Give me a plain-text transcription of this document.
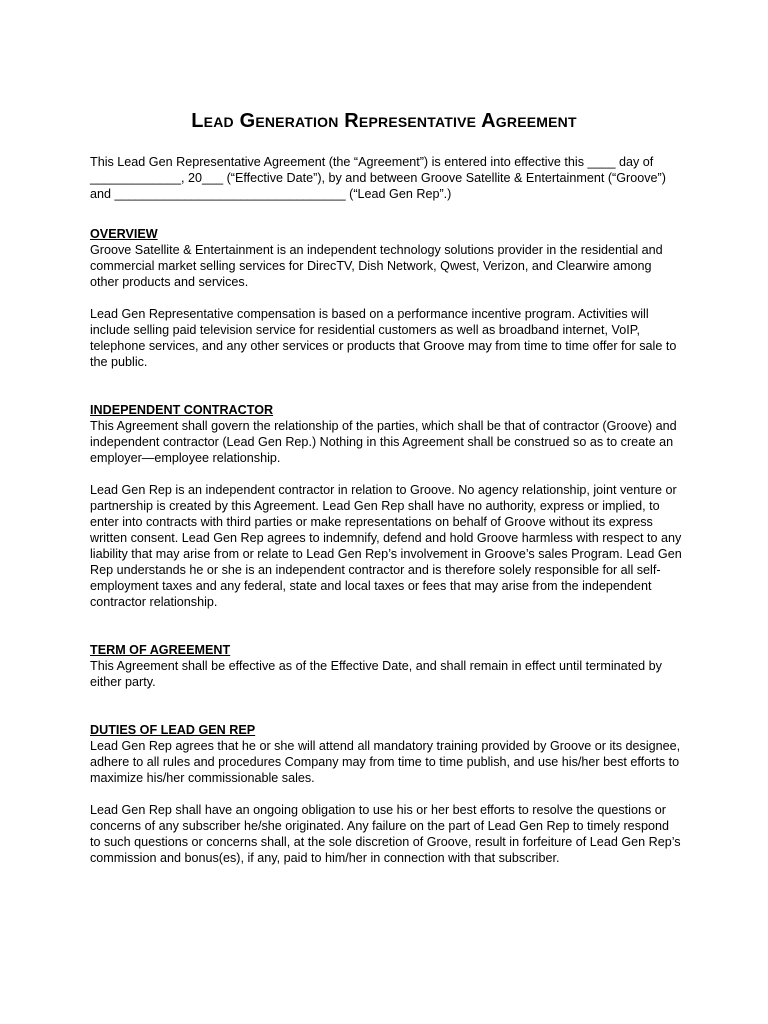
Lead Generation Representative Agreement

This Lead Gen Representative Agreement (the “Agreement”) is entered into effective this ____ day of _____________, 20___ (“Effective Date”), by and between Groove Satellite & Entertainment (“Groove”) and _________________________________ (“Lead Gen Rep”.)

OVERVIEW

Groove Satellite & Entertainment is an independent technology solutions provider in the residential and commercial market selling services for DirecTV, Dish Network, Qwest, Verizon, and Clearwire among other products and services.

Lead Gen Representative compensation is based on a performance incentive program. Activities will include selling paid television service for residential customers as well as broadband internet, VoIP, telephone services, and any other services or products that Groove may from time to time offer for sale to the public.

INDEPENDENT CONTRACTOR

This Agreement shall govern the relationship of the parties, which shall be that of contractor (Groove) and independent contractor (Lead Gen Rep.) Nothing in this Agreement shall be construed so as to create an employer—employee relationship.

Lead Gen Rep is an independent contractor in relation to Groove. No agency relationship, joint venture or partnership is created by this Agreement. Lead Gen Rep shall have no authority, express or implied, to enter into contracts with third parties or make representations on behalf of Groove without its express written consent. Lead Gen Rep agrees to indemnify, defend and hold Groove harmless with respect to any liability that may arise from or relate to Lead Gen Rep’s involvement in Groove’s sales Program. Lead Gen Rep understands he or she is an independent contractor and is therefore solely responsible for all self-employment taxes and any federal, state and local taxes or fees that may arise from the independent contractor relationship.

TERM OF AGREEMENT

This Agreement shall be effective as of the Effective Date, and shall remain in effect until terminated by either party.

DUTIES OF LEAD GEN REP

Lead Gen Rep agrees that he or she will attend all mandatory training provided by Groove or its designee, adhere to all rules and procedures Company may from time to time publish, and use his/her best efforts to maximize his/her commissionable sales.

Lead Gen Rep shall have an ongoing obligation to use his or her best efforts to resolve the questions or concerns of any subscriber he/she originated. Any failure on the part of Lead Gen Rep to timely respond to such questions or concerns shall, at the sole discretion of Groove, result in forfeiture of Lead Gen Rep’s commission and bonus(es), if any, paid to him/her in connection with that subscriber.
